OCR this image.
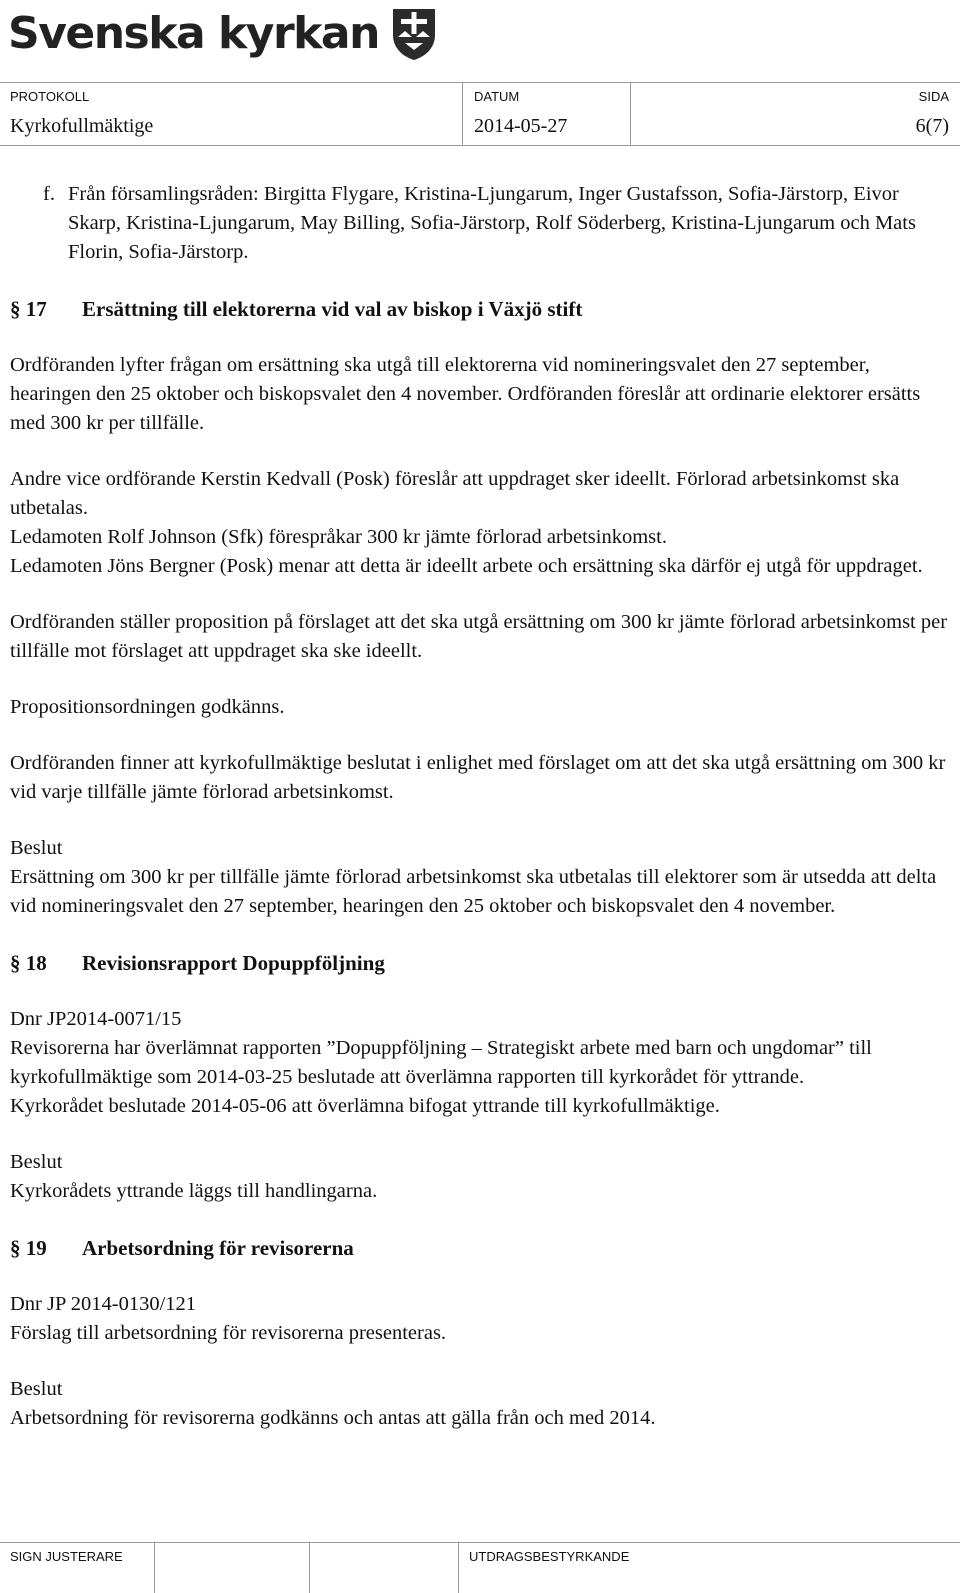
Svenska kyrkan
PROTOKOLL
Kyrkofullmäktige
DATUM
2014-05-27
SIDA
6(7)
f. Från församlingsråden: Birgitta Flygare, Kristina-Ljungarum, Inger Gustafsson, Sofia-Järstorp, Eivor Skarp, Kristina-Ljungarum, May Billing, Sofia-Järstorp, Rolf Söderberg, Kristina-Ljungarum och Mats Florin, Sofia-Järstorp.

§ 17 Ersättning till elektorerna vid val av biskop i Växjö stift

Ordföranden lyfter frågan om ersättning ska utgå till elektorerna vid nomineringsvalet den 27 september, hearingen den 25 oktober och biskopsvalet den 4 november. Ordföranden föreslår att ordinarie elektorer ersätts med 300 kr per tillfälle.

Andre vice ordförande Kerstin Kedvall (Posk) föreslår att uppdraget sker ideellt. Förlorad arbetsinkomst ska utbetalas.

Ledamoten Rolf Johnson (Sfk) förespråkar 300 kr jämte förlorad arbetsinkomst.

Ledamoten Jöns Bergner (Posk) menar att detta är ideellt arbete och ersättning ska därför ej utgå för uppdraget.

Ordföranden ställer proposition på förslaget att det ska utgå ersättning om 300 kr jämte förlorad arbetsinkomst per tillfälle mot förslaget att uppdraget ska ske ideellt.

Propositionsordningen godkänns.

Ordföranden finner att kyrkofullmäktige beslutat i enlighet med förslaget om att det ska utgå ersättning om 300 kr vid varje tillfälle jämte förlorad arbetsinkomst.

Beslut

Ersättning om 300 kr per tillfälle jämte förlorad arbetsinkomst ska utbetalas till elektorer som är utsedda att delta vid nomineringsvalet den 27 september, hearingen den 25 oktober och biskopsvalet den 4 november.

§ 18 Revisionsrapport Dopuppföljning

Dnr JP2014-0071/15

Revisorerna har överlämnat rapporten ”Dopuppföljning – Strategiskt arbete med barn och ungdomar” till kyrkofullmäktige som 2014-03-25 beslutade att överlämna rapporten till kyrkorådet för yttrande.

Kyrkorådet beslutade 2014-05-06 att överlämna bifogat yttrande till kyrkofullmäktige.

Beslut

Kyrkorådets yttrande läggs till handlingarna.

§ 19 Arbetsordning för revisorerna

Dnr JP 2014-0130/121

Förslag till arbetsordning för revisorerna presenteras.

Beslut

Arbetsordning för revisorerna godkänns och antas att gälla från och med 2014.

SIGN JUSTERARE	UTDRAGSBESTYRKANDE
